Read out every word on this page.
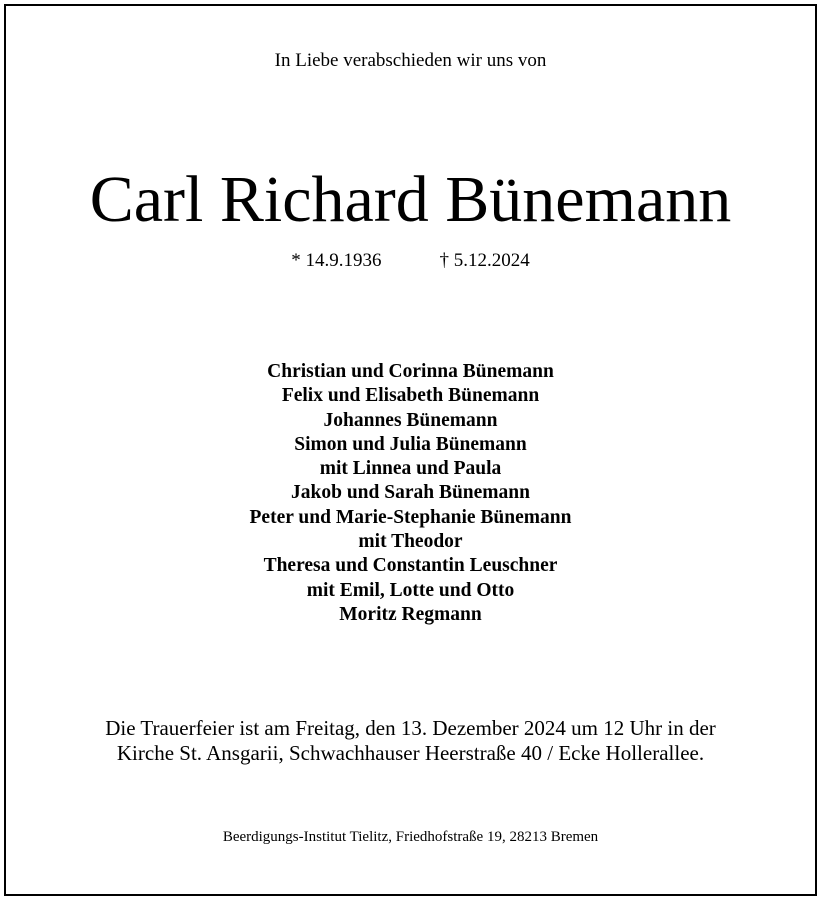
In Liebe verabschieden wir uns von
Carl Richard Bünemann
* 14.9.1936	† 5.12.2024
Christian und Corinna Bünemann
Felix und Elisabeth Bünemann
Johannes Bünemann
Simon und Julia Bünemann
mit Linnea und Paula
Jakob und Sarah Bünemann
Peter und Marie-Stephanie Bünemann
mit Theodor
Theresa und Constantin Leuschner
mit Emil, Lotte und Otto
Moritz Regmann
Die Trauerfeier ist am Freitag, den 13. Dezember 2024 um 12 Uhr in der
Kirche St. Ansgarii, Schwachhauser Heerstraße 40 / Ecke Hollerallee.
Beerdigungs-Institut Tielitz, Friedhofstraße 19, 28213 Bremen
